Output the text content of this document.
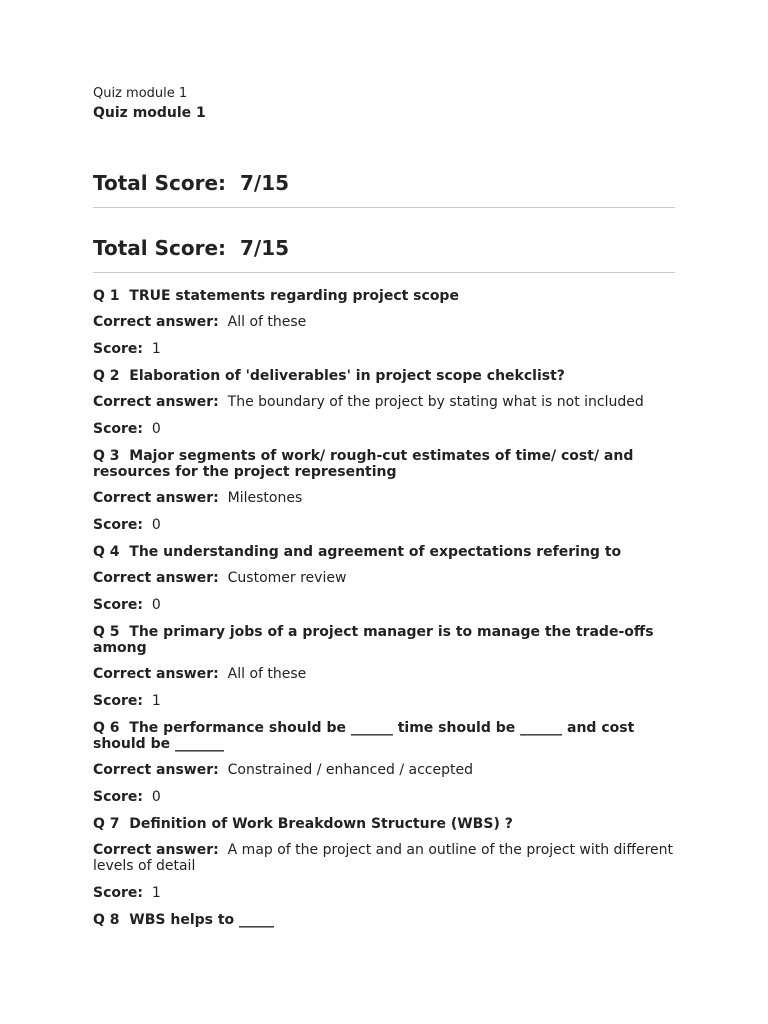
Quiz module 1
Quiz module 1
Total Score: 7/15
Total Score: 7/15
Q 1 TRUE statements regarding project scope
Correct answer: All of these
Score: 1
Q 2 Elaboration of 'deliverables' in project scope chekclist?
Correct answer: The boundary of the project by stating what is not included
Score: 0
Q 3 Major segments of work/ rough-cut estimates of time/ cost/ and resources for the project representing
Correct answer: Milestones
Score: 0
Q 4 The understanding and agreement of expectations refering to
Correct answer: Customer review
Score: 0
Q 5 The primary jobs of a project manager is to manage the trade-offs among
Correct answer: All of these
Score: 1
Q 6 The performance should be ______ time should be ______ and cost should be _______
Correct answer: Constrained / enhanced / accepted
Score: 0
Q 7 Definition of Work Breakdown Structure (WBS) ?
Correct answer: A map of the project and an outline of the project with different levels of detail
Score: 1
Q 8 WBS helps to _____
